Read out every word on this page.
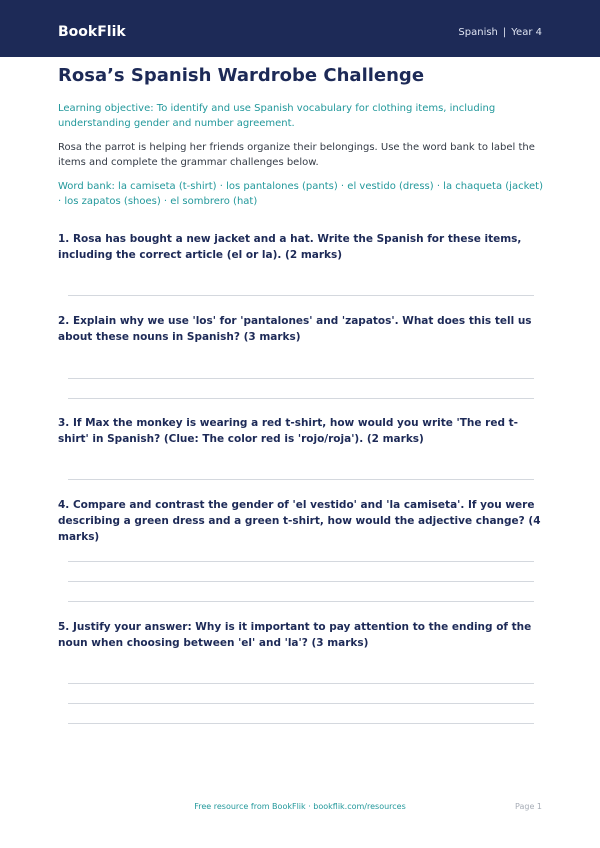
BookFlik	Spanish | Year 4
Rosa’s Spanish Wardrobe Challenge

Learning objective: To identify and use Spanish vocabulary for clothing items, including understanding gender and number agreement.

Rosa the parrot is helping her friends organize their belongings. Use the word bank to label the items and complete the grammar challenges below.

Word bank: la camiseta (t-shirt) · los pantalones (pants) · el vestido (dress) · la chaqueta (jacket) · los zapatos (shoes) · el sombrero (hat)

1. Rosa has bought a new jacket and a hat. Write the Spanish for these items, including the correct article (el or la). (2 marks)

2. Explain why we use 'los' for 'pantalones' and 'zapatos'. What does this tell us about these nouns in Spanish? (3 marks)

3. If Max the monkey is wearing a red t-shirt, how would you write 'The red t-shirt' in Spanish? (Clue: The color red is 'rojo/roja'). (2 marks)

4. Compare and contrast the gender of 'el vestido' and 'la camiseta'. If you were describing a green dress and a green t-shirt, how would the adjective change? (4 marks)

5. Justify your answer: Why is it important to pay attention to the ending of the noun when choosing between 'el' and 'la'? (3 marks)

Free resource from BookFlik · bookflik.com/resources	Page 1
